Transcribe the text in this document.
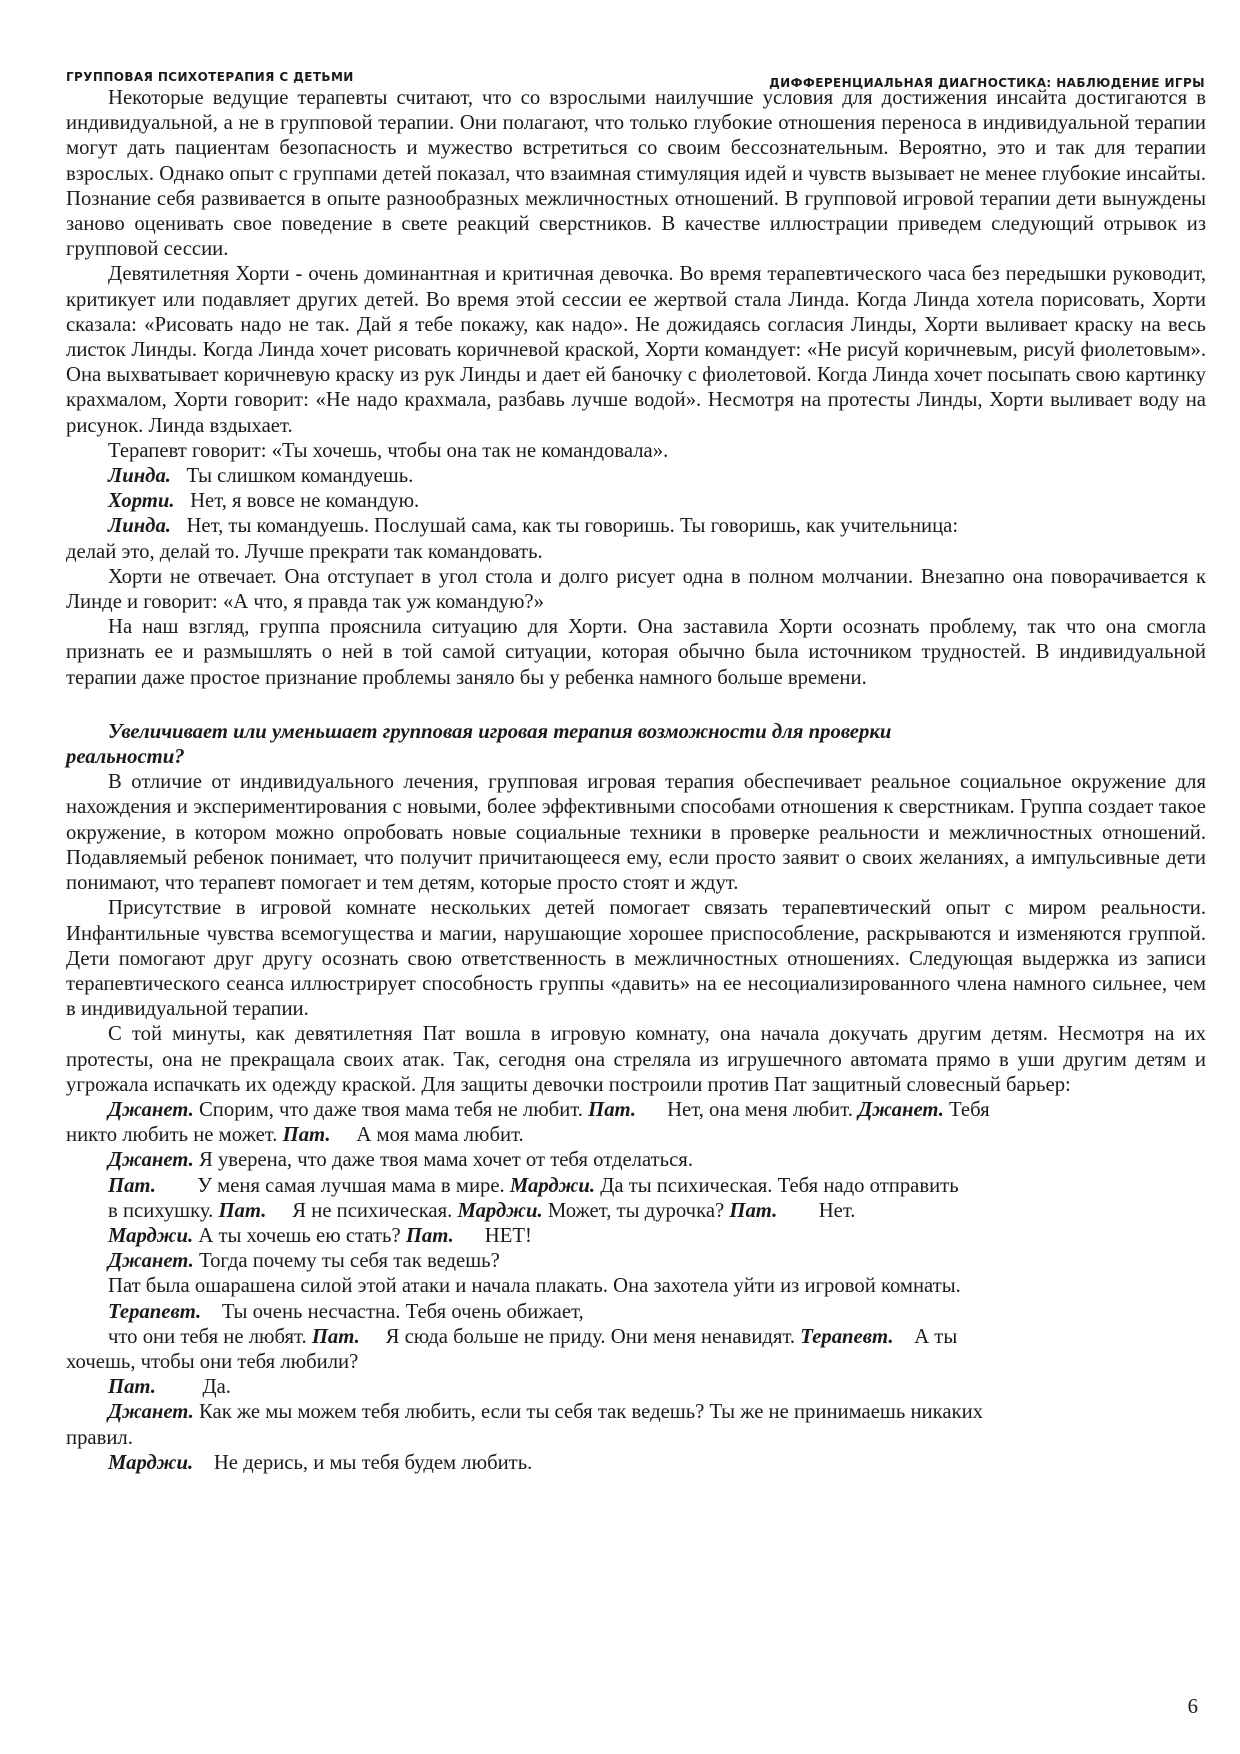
ГРУППОВАЯ ПСИХОТЕРАПИЯ С ДЕТЬМИ	ДИФФЕРЕНЦИАЛЬНАЯ ДИАГНОСТИКА: НАБЛЮДЕНИЕ ИГРЫ

Некоторые ведущие терапевты считают, что со взрослыми наилучшие условия для достижения инсайта достигаются в индивидуальной, а не в групповой терапии. Они полагают, что только глубокие отношения переноса в индивидуальной терапии могут дать пациентам безопасность и мужество встретиться со своим бессознательным. Вероятно, это и так для терапии взрослых. Однако опыт с группами детей показал, что взаимная стимуляция идей и чувств вызывает не менее глубокие инсайты. Познание себя развивается в опыте разнообразных межличностных отношений. В групповой игровой терапии дети вынуждены заново оценивать свое поведение в свете реакций сверстников. В качестве иллюстрации приведем следующий отрывок из групповой сессии.

Девятилетняя Хорти - очень доминантная и критичная девочка. Во время терапевтического часа без передышки руководит, критикует или подавляет других детей. Во время этой сессии ее жертвой стала Линда. Когда Линда хотела порисовать, Хорти сказала: «Рисовать надо не так. Дай я тебе покажу, как надо». Не дожидаясь согласия Линды, Хорти выливает краску на весь листок Линды. Когда Линда хочет рисовать коричневой краской, Хорти командует: «Не рисуй коричневым, рисуй фиолетовым». Она выхватывает коричневую краску из рук Линды и дает ей баночку с фиолетовой. Когда Линда хочет посыпать свою картинку крахмалом, Хорти говорит: «Не надо крахмала, разбавь лучше водой». Несмотря на протесты Линды, Хорти выливает воду на рисунок. Линда вздыхает.

Терапевт говорит: «Ты хочешь, чтобы она так не командовала».

Линда. Ты слишком командуешь.

Хорти. Нет, я вовсе не командую.

Линда. Нет, ты командуешь. Послушай сама, как ты говоришь. Ты говоришь, как учительница:

делай это, делай то. Лучше прекрати так командовать.

Хорти не отвечает. Она отступает в угол стола и долго рисует одна в полном молчании. Внезапно она поворачивается к Линде и говорит: «А что, я правда так уж командую?»

На наш взгляд, группа прояснила ситуацию для Хорти. Она заставила Хорти осознать проблему, так что она смогла признать ее и размышлять о ней в той самой ситуации, которая обычно была источником трудностей. В индивидуальной терапии даже простое признание проблемы заняло бы у ребенка намного больше времени.

Увеличивает или уменьшает групповая игровая терапия возможности для проверки

реальности?

В отличие от индивидуального лечения, групповая игровая терапия обеспечивает реальное социальное окружение для нахождения и экспериментирования с новыми, более эффективными способами отношения к сверстникам. Группа создает такое окружение, в котором можно опробовать новые социальные техники в проверке реальности и межличностных отношений. Подавляемый ребенок понимает, что получит причитающееся ему, если просто заявит о своих желаниях, а импульсивные дети понимают, что терапевт помогает и тем детям, которые просто стоят и ждут.

Присутствие в игровой комнате нескольких детей помогает связать терапевтический опыт с миром реальности. Инфантильные чувства всемогущества и магии, нарушающие хорошее приспособление, раскрываются и изменяются группой. Дети помогают друг другу осознать свою ответственность в межличностных отношениях. Следующая выдержка из записи терапевтического сеанса иллюстрирует способность группы «давить» на ее несоциализированного члена намного сильнее, чем в индивидуальной терапии.

С той минуты, как девятилетняя Пат вошла в игровую комнату, она начала докучать другим детям. Несмотря на их протесты, она не прекращала своих атак. Так, сегодня она стреляла из игрушечного автомата прямо в уши другим детям и угрожала испачкать их одежду краской. Для защиты девочки построили против Пат защитный словесный барьер:

Джанет. Спорим, что даже твоя мама тебя не любит. Пат. Нет, она меня любит. Джанет. Тебя

никто любить не может. Пат. А моя мама любит.

Джанет. Я уверена, что даже твоя мама хочет от тебя отделаться.

Пат. У меня самая лучшая мама в мире. Марджи. Да ты психическая. Тебя надо отправить

в психушку. Пат. Я не психическая. Марджи. Может, ты дурочка? Пат. Нет.

Марджи. А ты хочешь ею стать? Пат. НЕТ!

Джанет. Тогда почему ты себя так ведешь?

Пат была ошарашена силой этой атаки и начала плакать. Она захотела уйти из игровой комнаты.

Терапевт. Ты очень несчастна. Тебя очень обижает,

что они тебя не любят. Пат. Я сюда больше не приду. Они меня ненавидят. Терапевт. А ты

хочешь, чтобы они тебя любили?

Пат. Да.

Джанет. Как же мы можем тебя любить, если ты себя так ведешь? Ты же не принимаешь никаких

правил.

Марджи. Не дерись, и мы тебя будем любить.

6
